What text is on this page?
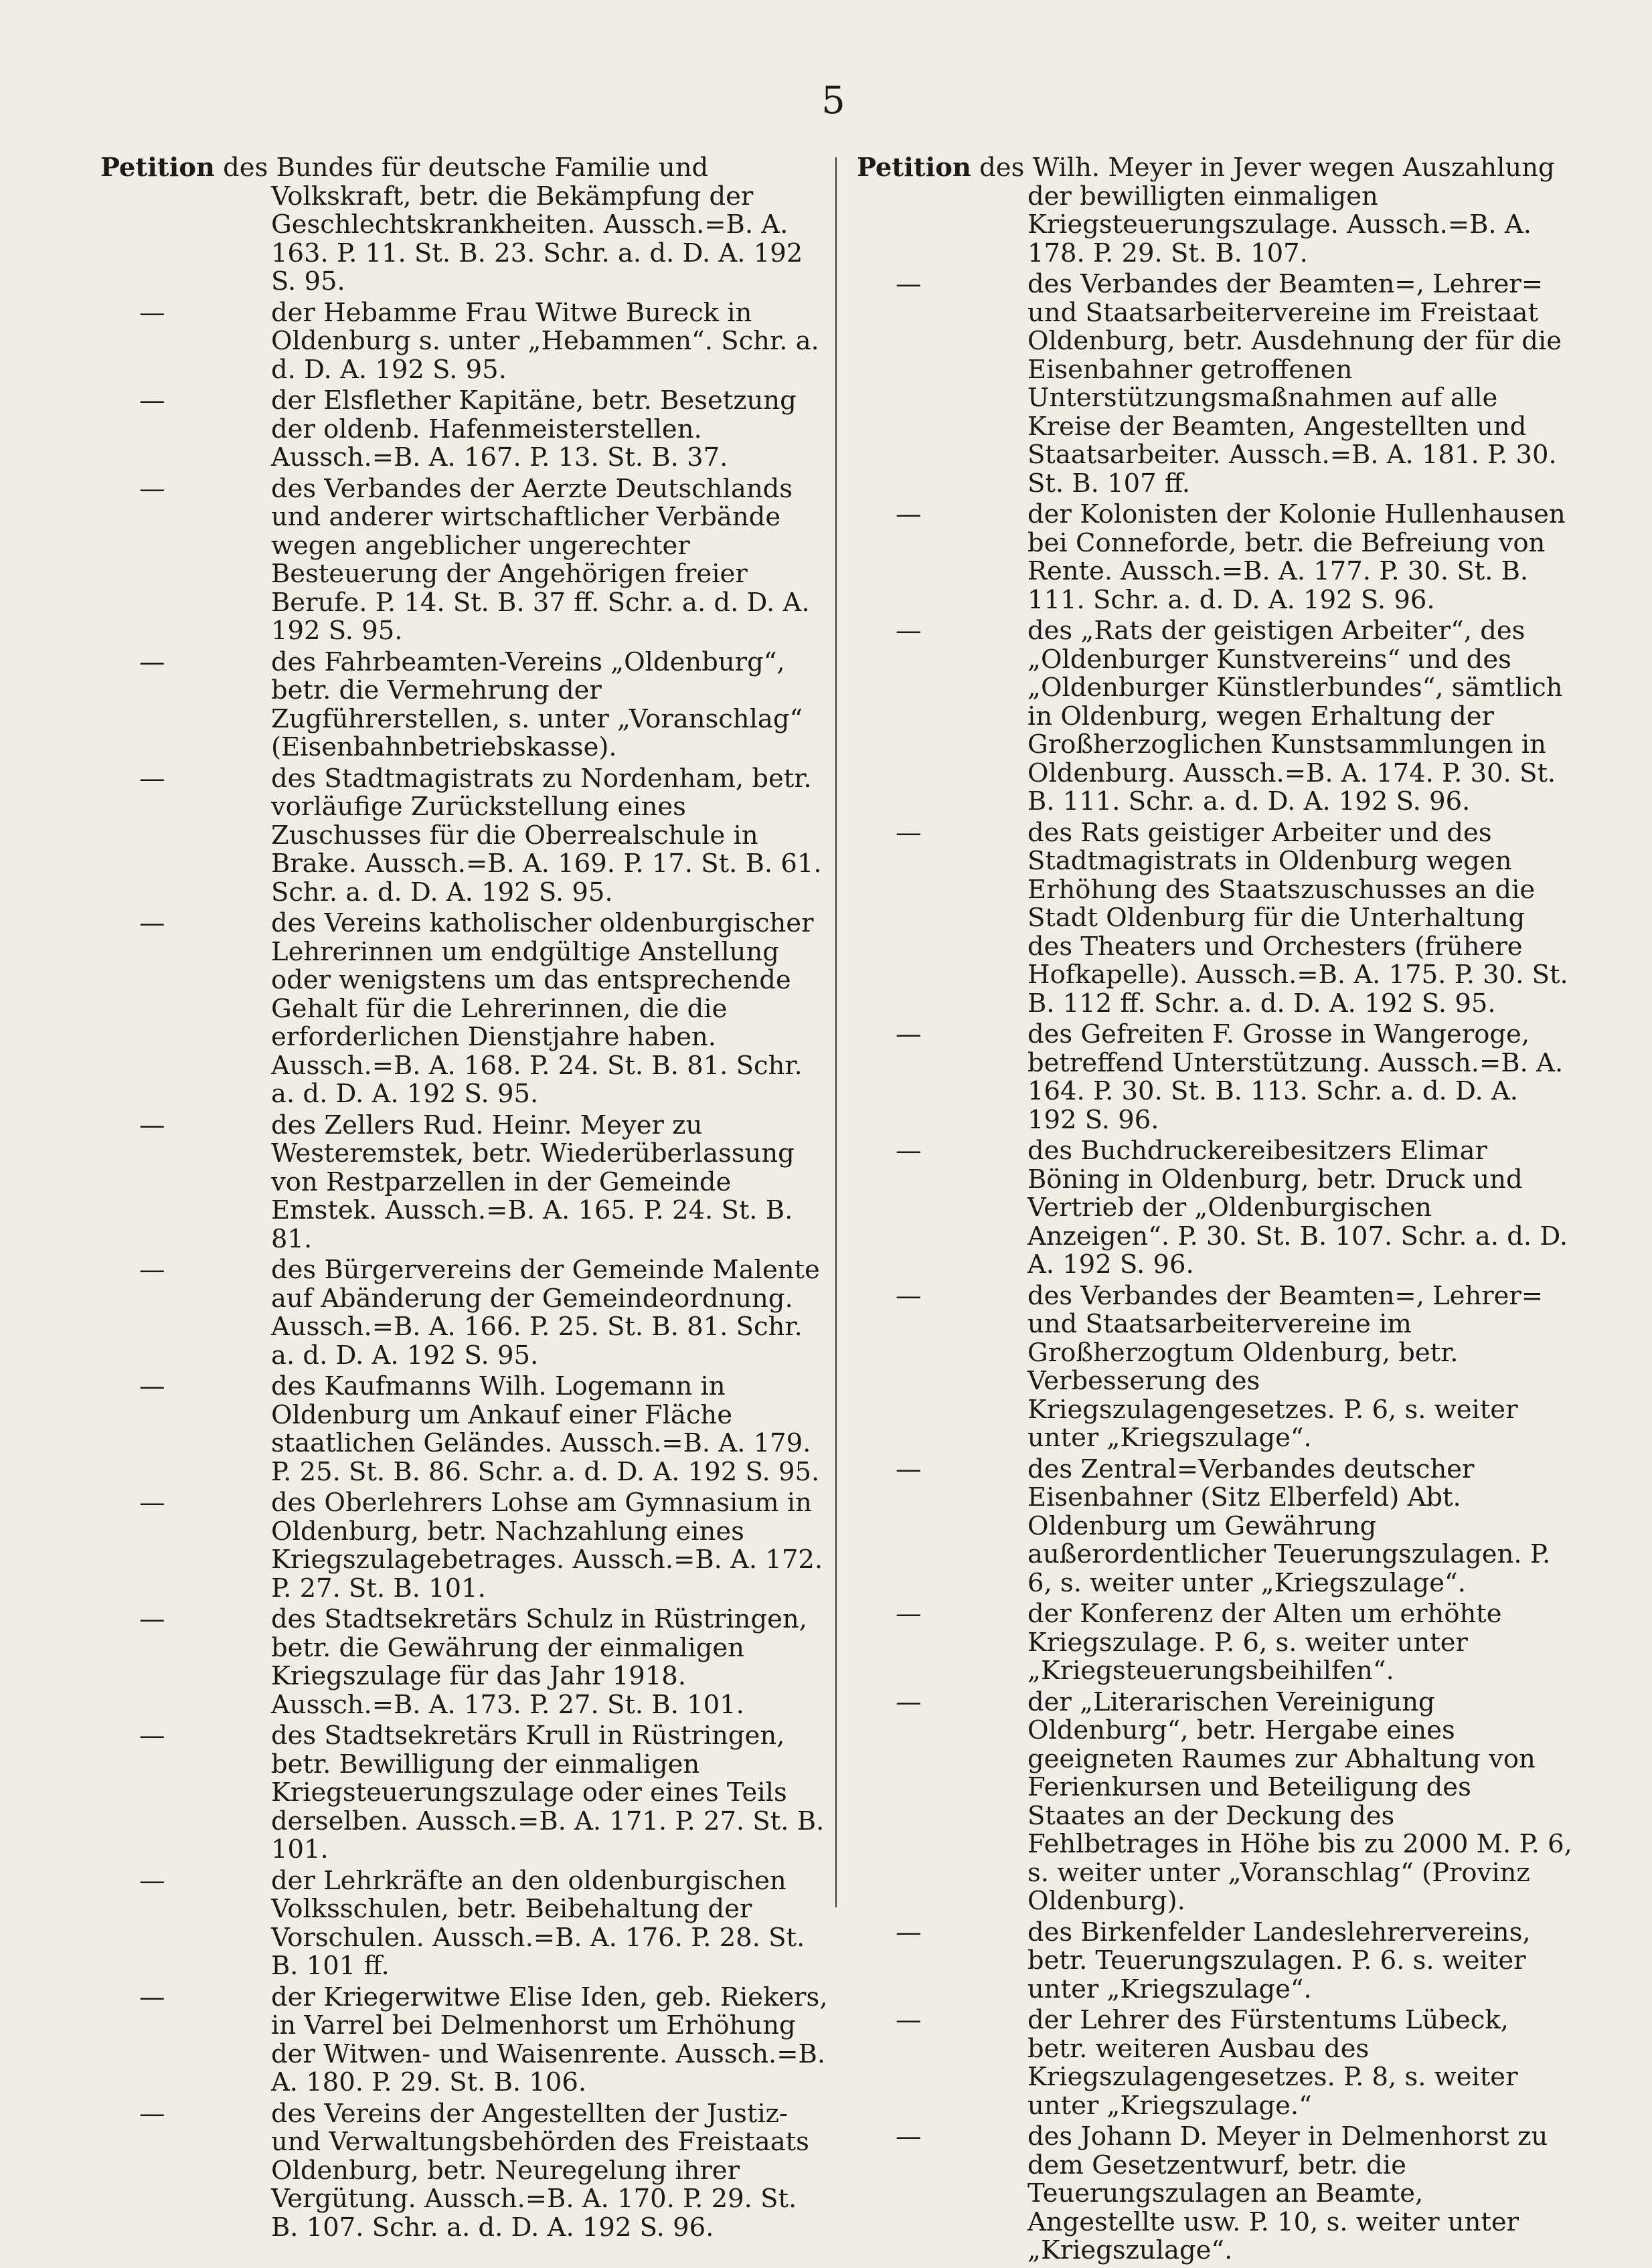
5
Petition des Bundes für deutsche Familie und Volkskraft, betr. die Bekämpfung der Geschlechtskrankheiten. Aussch.=B. A. 163. P. 11. St. B. 23. Schr. a. d. D. A. 192 S. 95.
—	der Hebamme Frau Witwe Bureck in Oldenburg s. unter „Hebammen“. Schr. a. d. D. A. 192 S. 95.

—	der Elsflether Kapitäne, betr. Besetzung der oldenb. Hafenmeisterstellen. Aussch.=B. A. 167. P. 13. St. B. 37.

—	des Verbandes der Aerzte Deutschlands und anderer wirtschaftlicher Verbände wegen angeblicher ungerechter Besteuerung der Angehörigen freier Berufe. P. 14. St. B. 37 ff. Schr. a. d. D. A. 192 S. 95.

—	des Fahrbeamten-Vereins „Oldenburg“, betr. die Vermehrung der Zugführerstellen, s. unter „Voranschlag“ (Eisenbahnbetriebskasse).

—	des Stadtmagistrats zu Nordenham, betr. vorläufige Zurückstellung eines Zuschusses für die Oberrealschule in Brake. Aussch.=B. A. 169. P. 17. St. B. 61. Schr. a. d. D. A. 192 S. 95.

—	des Vereins katholischer oldenburgischer Lehrerinnen um endgültige Anstellung oder wenigstens um das entsprechende Gehalt für die Lehrerinnen, die die erforderlichen Dienstjahre haben. Aussch.=B. A. 168. P. 24. St. B. 81. Schr. a. d. D. A. 192 S. 95.

—	des Zellers Rud. Heinr. Meyer zu Westeremstek, betr. Wiederüberlassung von Restparzellen in der Gemeinde Emstek. Aussch.=B. A. 165. P. 24. St. B. 81.

—	des Bürgervereins der Gemeinde Malente auf Abänderung der Gemeindeordnung. Aussch.=B. A. 166. P. 25. St. B. 81. Schr. a. d. D. A. 192 S. 95.

—	des Kaufmanns Wilh. Logemann in Oldenburg um Ankauf einer Fläche staatlichen Geländes. Aussch.=B. A. 179. P. 25. St. B. 86. Schr. a. d. D. A. 192 S. 95.

—	des Oberlehrers Lohse am Gymnasium in Oldenburg, betr. Nachzahlung eines Kriegszulagebetrages. Aussch.=B. A. 172. P. 27. St. B. 101.

—	des Stadtsekretärs Schulz in Rüstringen, betr. die Gewährung der einmaligen Kriegszulage für das Jahr 1918. Aussch.=B. A. 173. P. 27. St. B. 101.

—	des Stadtsekretärs Krull in Rüstringen, betr. Bewilligung der einmaligen Kriegsteuerungszulage oder eines Teils derselben. Aussch.=B. A. 171. P. 27. St. B. 101.

—	der Lehrkräfte an den oldenburgischen Volksschulen, betr. Beibehaltung der Vorschulen. Aussch.=B. A. 176. P. 28. St. B. 101 ff.

—	der Kriegerwitwe Elise Iden, geb. Riekers, in Varrel bei Delmenhorst um Erhöhung der Witwen- und Waisenrente. Aussch.=B. A. 180. P. 29. St. B. 106.

—	des Vereins der Angestellten der Justiz- und Verwaltungsbehörden des Freistaats Oldenburg, betr. Neuregelung ihrer Vergütung. Aussch.=B. A. 170. P. 29. St. B. 107. Schr. a. d. D. A. 192 S. 96.

Petition des Wilh. Meyer in Jever wegen Auszahlung der bewilligten einmaligen Kriegsteuerungszulage. Aussch.=B. A. 178. P. 29. St. B. 107.
—	des Verbandes der Beamten=, Lehrer= und Staatsarbeitervereine im Freistaat Oldenburg, betr. Ausdehnung der für die Eisenbahner getroffenen Unterstützungsmaßnahmen auf alle Kreise der Beamten, Angestellten und Staatsarbeiter. Aussch.=B. A. 181. P. 30. St. B. 107 ff.

—	der Kolonisten der Kolonie Hullenhausen bei Conneforde, betr. die Befreiung von Rente. Aussch.=B. A. 177. P. 30. St. B. 111. Schr. a. d. D. A. 192 S. 96.

—	des „Rats der geistigen Arbeiter“, des „Oldenburger Kunstvereins“ und des „Oldenburger Künstlerbundes“, sämtlich in Oldenburg, wegen Erhaltung der Großherzoglichen Kunstsammlungen in Oldenburg. Aussch.=B. A. 174. P. 30. St. B. 111. Schr. a. d. D. A. 192 S. 96.

—	des Rats geistiger Arbeiter und des Stadtmagistrats in Oldenburg wegen Erhöhung des Staatszuschusses an die Stadt Oldenburg für die Unterhaltung des Theaters und Orchesters (frühere Hofkapelle). Aussch.=B. A. 175. P. 30. St. B. 112 ff. Schr. a. d. D. A. 192 S. 95.

—	des Gefreiten F. Grosse in Wangeroge, betreffend Unterstützung. Aussch.=B. A. 164. P. 30. St. B. 113. Schr. a. d. D. A. 192 S. 96.

—	des Buchdruckereibesitzers Elimar Böning in Oldenburg, betr. Druck und Vertrieb der „Oldenburgischen Anzeigen“. P. 30. St. B. 107. Schr. a. d. D. A. 192 S. 96.

—	des Verbandes der Beamten=, Lehrer= und Staatsarbeitervereine im Großherzogtum Oldenburg, betr. Verbesserung des Kriegszulagengesetzes. P. 6, s. weiter unter „Kriegszulage“.

—	des Zentral=Verbandes deutscher Eisenbahner (Sitz Elberfeld) Abt. Oldenburg um Gewährung außerordentlicher Teuerungszulagen. P. 6, s. weiter unter „Kriegszulage“.

—	der Konferenz der Alten um erhöhte Kriegszulage. P. 6, s. weiter unter „Kriegsteuerungsbeihilfen“.

—	der „Literarischen Vereinigung Oldenburg“, betr. Hergabe eines geeigneten Raumes zur Abhaltung von Ferienkursen und Beteiligung des Staates an der Deckung des Fehlbetrages in Höhe bis zu 2000 M. P. 6, s. weiter unter „Voranschlag“ (Provinz Oldenburg).

—	des Birkenfelder Landeslehrervereins, betr. Teuerungszulagen. P. 6. s. weiter unter „Kriegszulage“.

—	der Lehrer des Fürstentums Lübeck, betr. weiteren Ausbau des Kriegszulagengesetzes. P. 8, s. weiter unter „Kriegszulage.“

—	des Johann D. Meyer in Delmenhorst zu dem Gesetzentwurf, betr. die Teuerungszulagen an Beamte, Angestellte usw. P. 10, s. weiter unter „Kriegszulage“.
